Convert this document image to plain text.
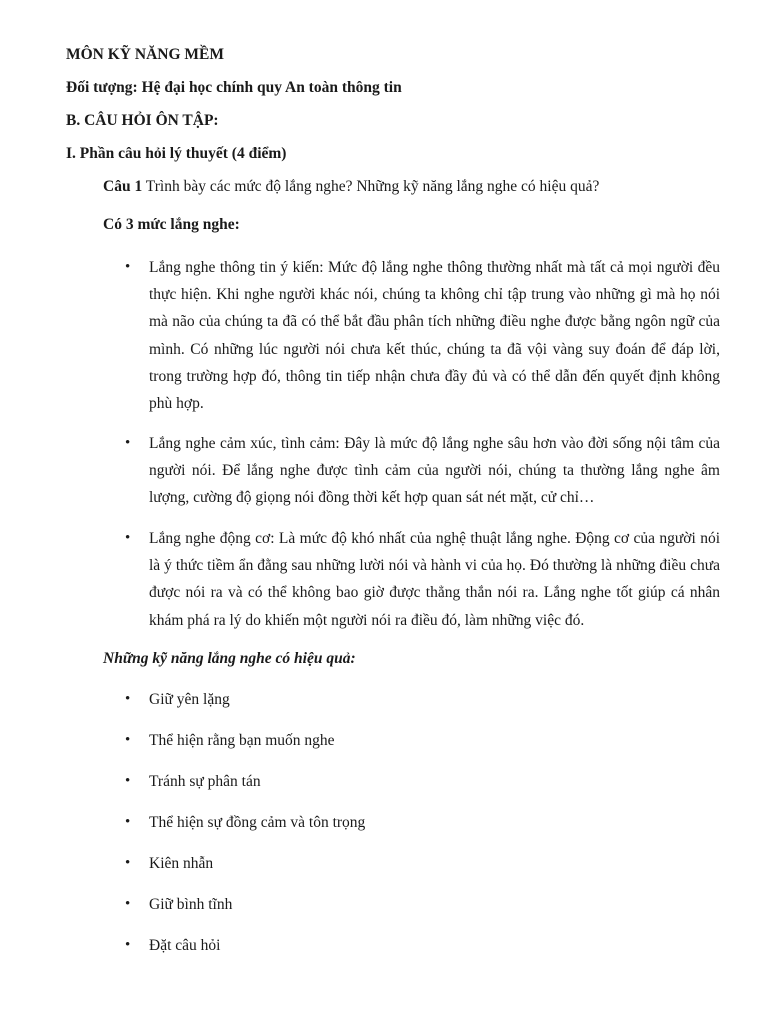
MÔN KỸ NĂNG MỀM
Đối tượng: Hệ đại học chính quy An toàn thông tin
B. CÂU HỎI ÔN TẬP:
I. Phần câu hỏi lý thuyết (4 điểm)
Câu 1 Trình bày các mức độ lắng nghe? Những kỹ năng lắng nghe có hiệu quả?
Có 3 mức lắng nghe:
• Lắng nghe thông tin ý kiến: Mức độ lắng nghe thông thường nhất mà tất cả mọi người đều thực hiện. Khi nghe người khác nói, chúng ta không chỉ tập trung vào những gì mà họ nói mà não của chúng ta đã có thể bắt đầu phân tích những điều nghe được bằng ngôn ngữ của mình. Có những lúc người nói chưa kết thúc, chúng ta đã vội vàng suy đoán để đáp lời, trong trường hợp đó, thông tin tiếp nhận chưa đầy đủ và có thể dẫn đến quyết định không phù hợp.
• Lắng nghe cảm xúc, tình cảm: Đây là mức độ lắng nghe sâu hơn vào đời sống nội tâm của người nói. Để lắng nghe được tình cảm của người nói, chúng ta thường lắng nghe âm lượng, cường độ giọng nói đồng thời kết hợp quan sát nét mặt, cử chỉ…
• Lắng nghe động cơ: Là mức độ khó nhất của nghệ thuật lắng nghe. Động cơ của người nói là ý thức tiềm ẩn đằng sau những lười nói và hành vi của họ. Đó thường là những điều chưa được nói ra và có thể không bao giờ được thẳng thắn nói ra. Lắng nghe tốt giúp cá nhân khám phá ra lý do khiến một người nói ra điều đó, làm những việc đó.
Những kỹ năng lắng nghe có hiệu quả:
• Giữ yên lặng
• Thể hiện rằng bạn muốn nghe
• Tránh sự phân tán
• Thể hiện sự đồng cảm và tôn trọng
• Kiên nhẫn
• Giữ bình tĩnh
• Đặt câu hỏi
